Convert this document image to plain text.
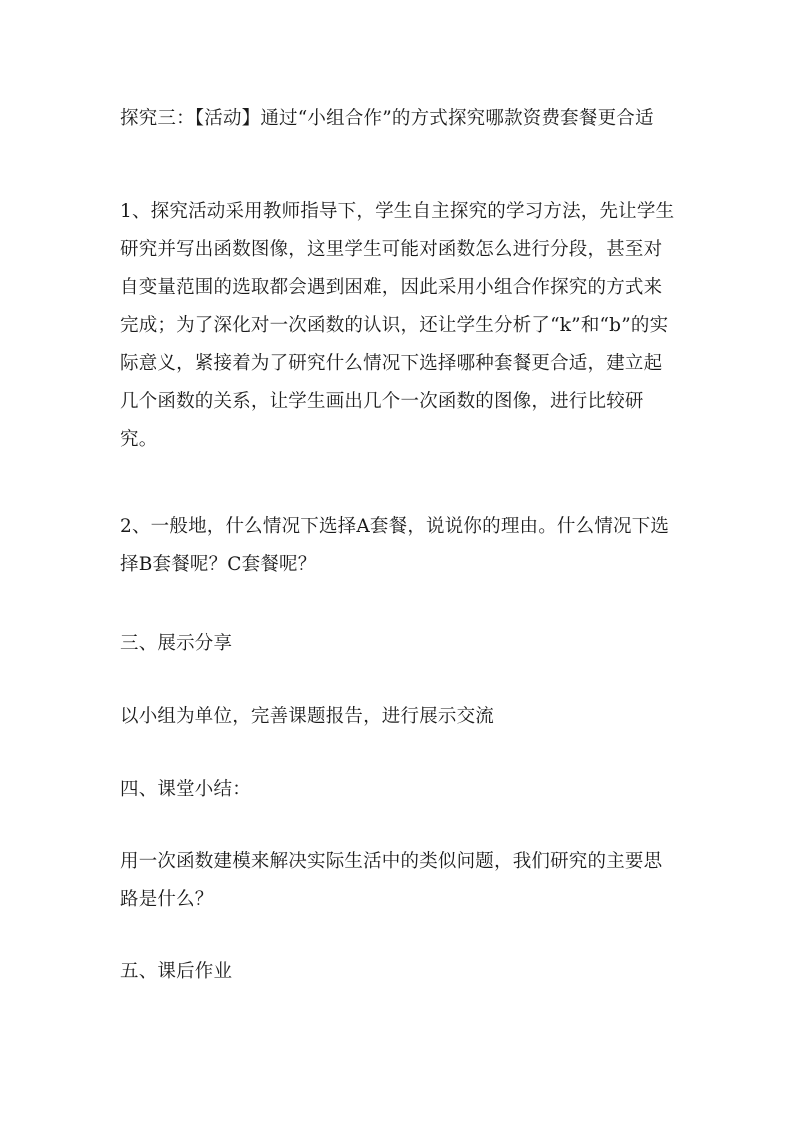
探究三：【活动】通过“小组合作”的方式探究哪款资费套餐更合适

1、探究活动采用教师指导下，学生自主探究的学习方法，先让学生研究并写出函数图像，这里学生可能对函数怎么进行分段，甚至对自变量范围的选取都会遇到困难，因此采用小组合作探究的方式来完成；为了深化对一次函数的认识，还让学生分析了“k”和“b”的实际意义，紧接着为了研究什么情况下选择哪种套餐更合适，建立起几个函数的关系，让学生画出几个一次函数的图像，进行比较研究。

2、一般地，什么情况下选择A套餐，说说你的理由。什么情况下选择B套餐呢？C套餐呢？

三、展示分享

以小组为单位，完善课题报告，进行展示交流

四、课堂小结：

用一次函数建模来解决实际生活中的类似问题，我们研究的主要思路是什么？

五、课后作业
